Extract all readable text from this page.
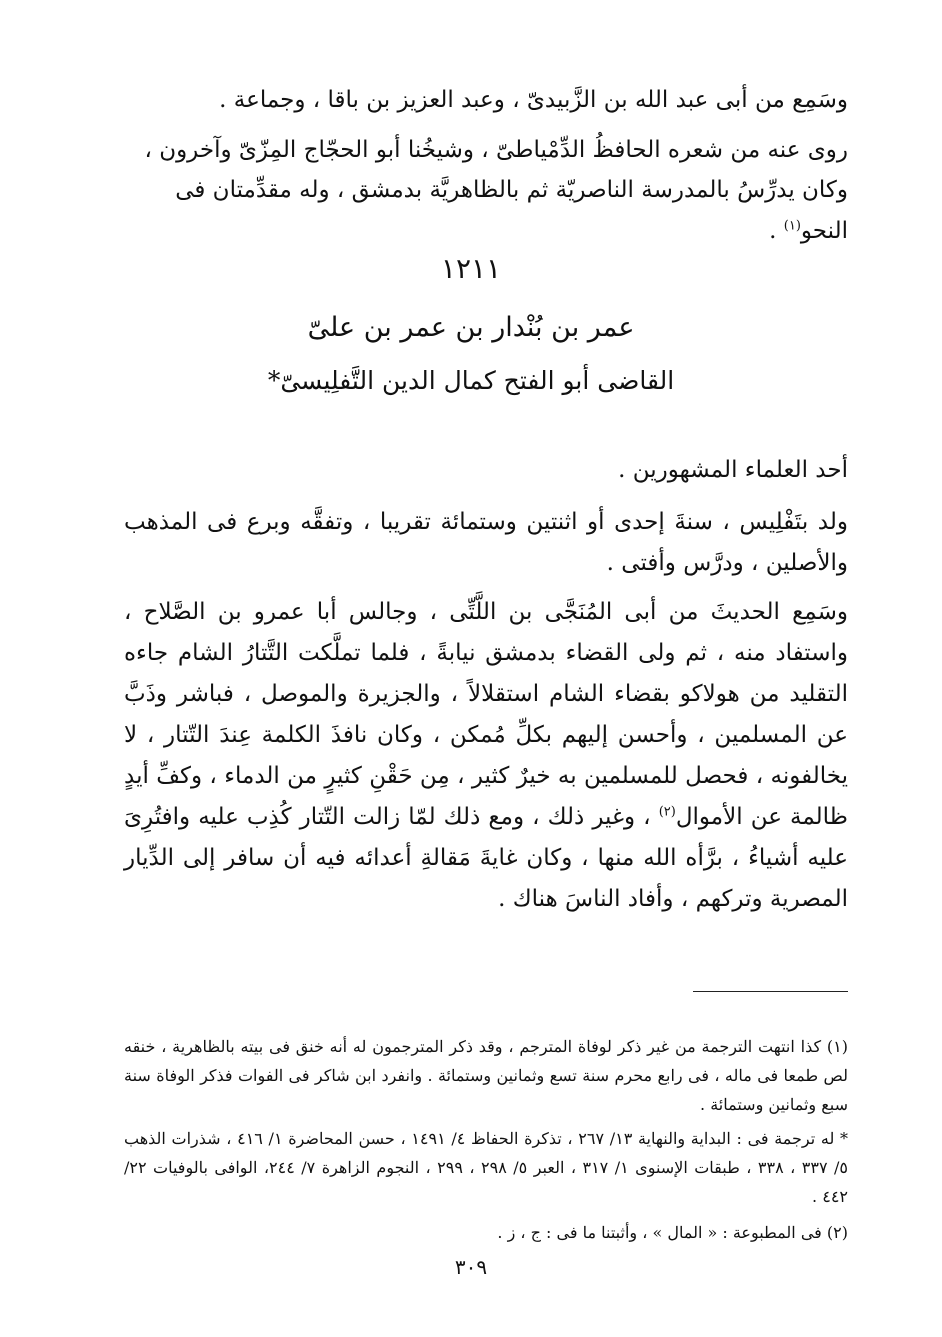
وسَمِع من أبى عبد الله بن الزَّبيدىّ ، وعبد العزيز بن باقا ، وجماعة .

روى عنه من شعره الحافظُ الدِّمْياطىّ ، وشيخُنا أبو الحجّاج المِزّىّ وآخرون ،

وكان يدرِّسُ بالمدرسة الناصريّة ثم بالظاهريَّة بدمشق ، وله مقدِّمتان فى النحو$^{(١)}$ .

١٢١١
عمر بن بُنْدار بن عمر بن علىّ
القاضى أبو الفتح كمال الدين التَّفلِيسىّ*

أحد العلماء المشهورين .

ولد بتَفْلِيس ، سنةَ إحدى أو اثنتين وستمائة تقريبا ، وتفقَّه وبرع فى المذهب والأصلين ، ودرَّس وأفتى .

وسَمِع الحديثَ من أبى المُنَجَّى بن اللَّتِّى ، وجالس أبا عمرو بن الصَّلاح ، واستفاد منه ، ثم ولى القضاء بدمشق نيابةً ، فلما تملَّكت التَّتارُ الشام جاءه التقليد من هولاكو بقضاء الشام استقلالاً ، والجزيرة والموصل ، فباشر وذَبَّ عن المسلمين ، وأحسن إليهم بكلِّ مُمكن ، وكان نافذَ الكلمة عِندَ التّتار ، لا يخالفونه ، فحصل للمسلمين به خيرٌ كثير ، مِن حَقْنِ كثيرٍ من الدماء ، وكفِّ أيدٍ ظالمة عن الأموال$^{(٢)}$ ، وغير ذلك ، ومع ذلك لمّا زالت التّتار كُذِب عليه وافتُرِىَ عليه أشياءُ ، برَّأه الله منها ، وكان غايةَ مَقالةِ أعدائه فيه أن سافر إلى الدِّيار المصرية وتركهم ، وأفاد الناسَ هناك .

(١) كذا انتهت الترجمة من غير ذكر لوفاة المترجم ، وقد ذكر المترجمون له أنه خنق فى بيته بالظاهرية ، خنقه لص طمعا فى ماله ، فى رابع محرم سنة تسع وثمانين وستمائة . وانفرد ابن شاكر فى الفوات فذكر الوفاة سنة سبع وثمانين وستمائة .

* له ترجمة فى : البداية والنهاية ١٣/ ٢٦٧ ، تذكرة الحفاظ ٤/ ١٤٩١ ، حسن المحاضرة ١/ ٤١٦ ، شذرات الذهب ٥/ ٣٣٧ ، ٣٣٨ ، طبقات الإسنوى ١/ ٣١٧ ، العبر ٥/ ٢٩٨ ، ٢٩٩ ، النجوم الزاهرة ٧/ ٢٤٤، الوافى بالوفيات ٢٢/ ٤٤٢ .

(٢) فى المطبوعة : « المال » ، وأثبتنا ما فى : ج ، ز .

٣٠٩
